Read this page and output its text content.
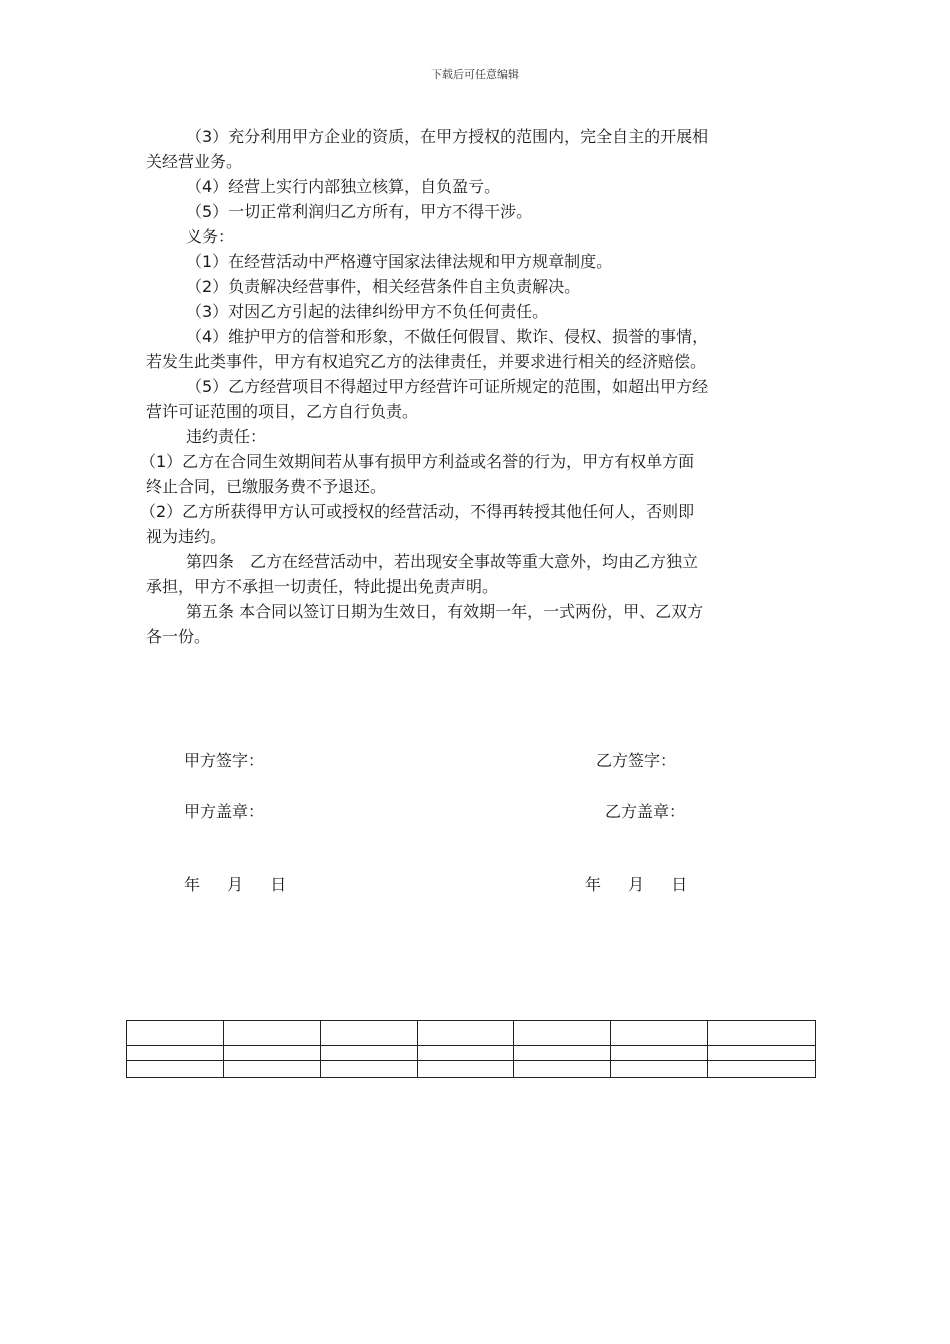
下载后可任意编辑
（3）充分利用甲方企业的资质，在甲方授权的范围内，完全自主的开展相
关经营业务。
（4）经营上实行内部独立核算，自负盈亏。
（5）一切正常利润归乙方所有，甲方不得干涉。
义务：
（1）在经营活动中严格遵守国家法律法规和甲方规章制度。
（2）负责解决经营事件，相关经营条件自主负责解决。
（3）对因乙方引起的法律纠纷甲方不负任何责任。
（4）维护甲方的信誉和形象，不做任何假冒、欺诈、侵权、损誉的事情，
若发生此类事件，甲方有权追究乙方的法律责任，并要求进行相关的经济赔偿。
（5）乙方经营项目不得超过甲方经营许可证所规定的范围，如超出甲方经
营许可证范围的项目，乙方自行负责。
违约责任：
（1）乙方在合同生效期间若从事有损甲方利益或名誉的行为，甲方有权单方面
终止合同，已缴服务费不予退还。
（2）乙方所获得甲方认可或授权的经营活动，不得再转授其他任何人，否则即
视为违约。
第四条　乙方在经营活动中，若出现安全事故等重大意外，均由乙方独立
承担，甲方不承担一切责任，特此提出免责声明。
第五条 本合同以签订日期为生效日，有效期一年，一式两份，甲、乙双方
各一份。
甲方签字：	乙方签字：
甲方盖章：	乙方盖章：
年 月 日	年 月 日
